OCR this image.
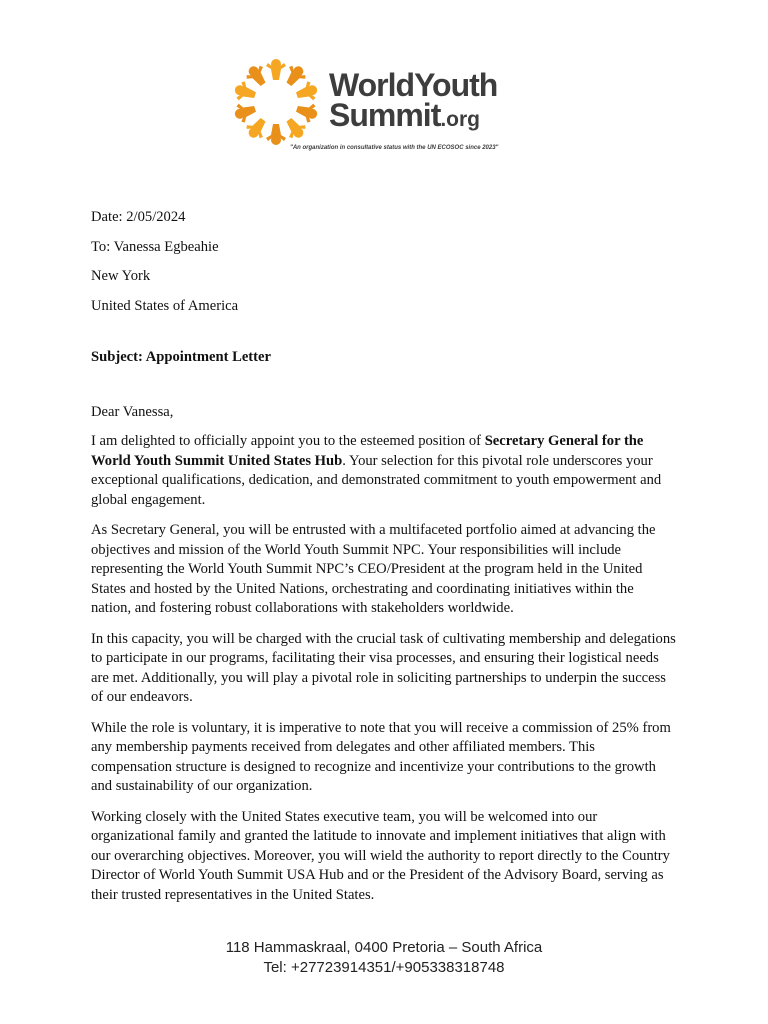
WorldYouth
Summit.org
"An organization in consultative status with the UN ECOSOC since 2023"
Date: 2/05/2024
To: Vanessa Egbeahie
New York
United States of America
Subject: Appointment Letter
Dear Vanessa,

I am delighted to officially appoint you to the esteemed position of Secretary General for the World Youth Summit United States Hub. Your selection for this pivotal role underscores your exceptional qualifications, dedication, and demonstrated commitment to youth empowerment and global engagement.

As Secretary General, you will be entrusted with a multifaceted portfolio aimed at advancing the objectives and mission of the World Youth Summit NPC. Your responsibilities will include representing the World Youth Summit NPC’s CEO/President at the program held in the United States and hosted by the United Nations, orchestrating and coordinating initiatives within the nation, and fostering robust collaborations with stakeholders worldwide.

In this capacity, you will be charged with the crucial task of cultivating membership and delegations to participate in our programs, facilitating their visa processes, and ensuring their logistical needs are met. Additionally, you will play a pivotal role in soliciting partnerships to underpin the success of our endeavors.

While the role is voluntary, it is imperative to note that you will receive a commission of 25% from any membership payments received from delegates and other affiliated members. This compensation structure is designed to recognize and incentivize your contributions to the growth and sustainability of our organization.

Working closely with the United States executive team, you will be welcomed into our organizational family and granted the latitude to innovate and implement initiatives that align with our overarching objectives. Moreover, you will wield the authority to report directly to the Country Director of World Youth Summit USA Hub and or the President of the Advisory Board, serving as their trusted representatives in the United States.

118 Hammaskraal, 0400 Pretoria – South Africa
Tel: +27723914351/+905338318748
